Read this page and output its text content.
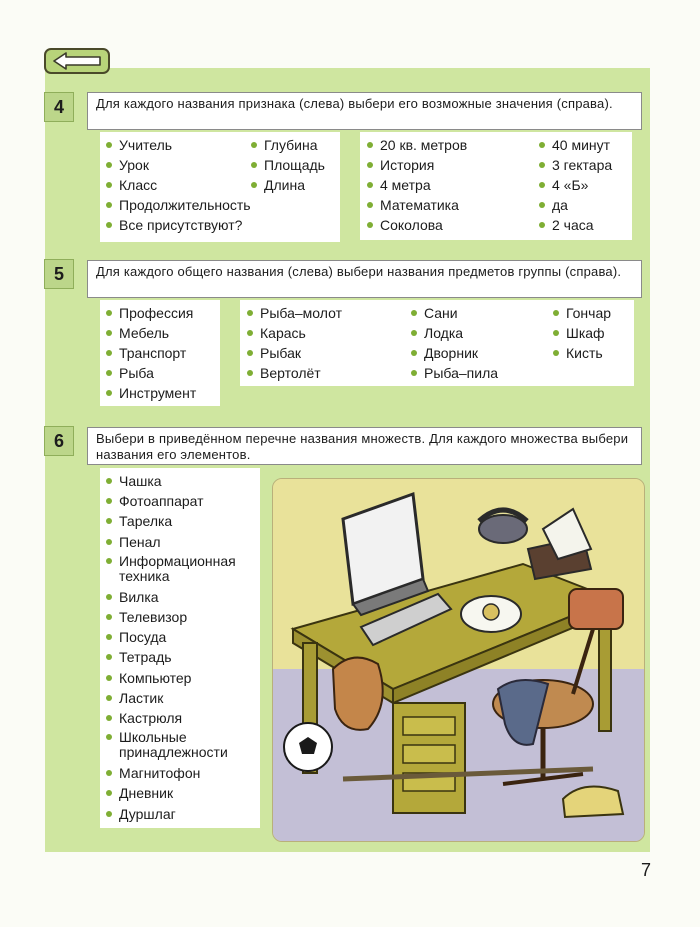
4	Для каждого названия признака (слева) выбери его возможные значения (справа).
Учитель
Урок
Класс
Продолжительность
Все присутствуют?
Глубина
Площадь
Длина
20 кв. метров
История
4 метра
Математика
Соколова
40 минут
3 гектара
4 «Б»
да
2 часа
5	Для каждого общего названия (слева) выбери названия предметов группы (справа).
Профессия
Мебель
Транспорт
Рыба
Инструмент
Рыба–молот
Карась
Рыбак
Вертолёт
Сани
Лодка
Дворник
Рыба–пила
Гончар
Шкаф
Кисть
6	Выбери в приведённом перечне названия множеств. Для каждого множества выбери названия его элементов.
Чашка
Фотоаппарат
Тарелка
Пенал
Информационная техника
Вилка
Телевизор
Посуда
Тетрадь
Компьютер
Ластик
Кастрюля
Школьные принадлежности
Магнитофон
Дневник
Дуршлаг
7
